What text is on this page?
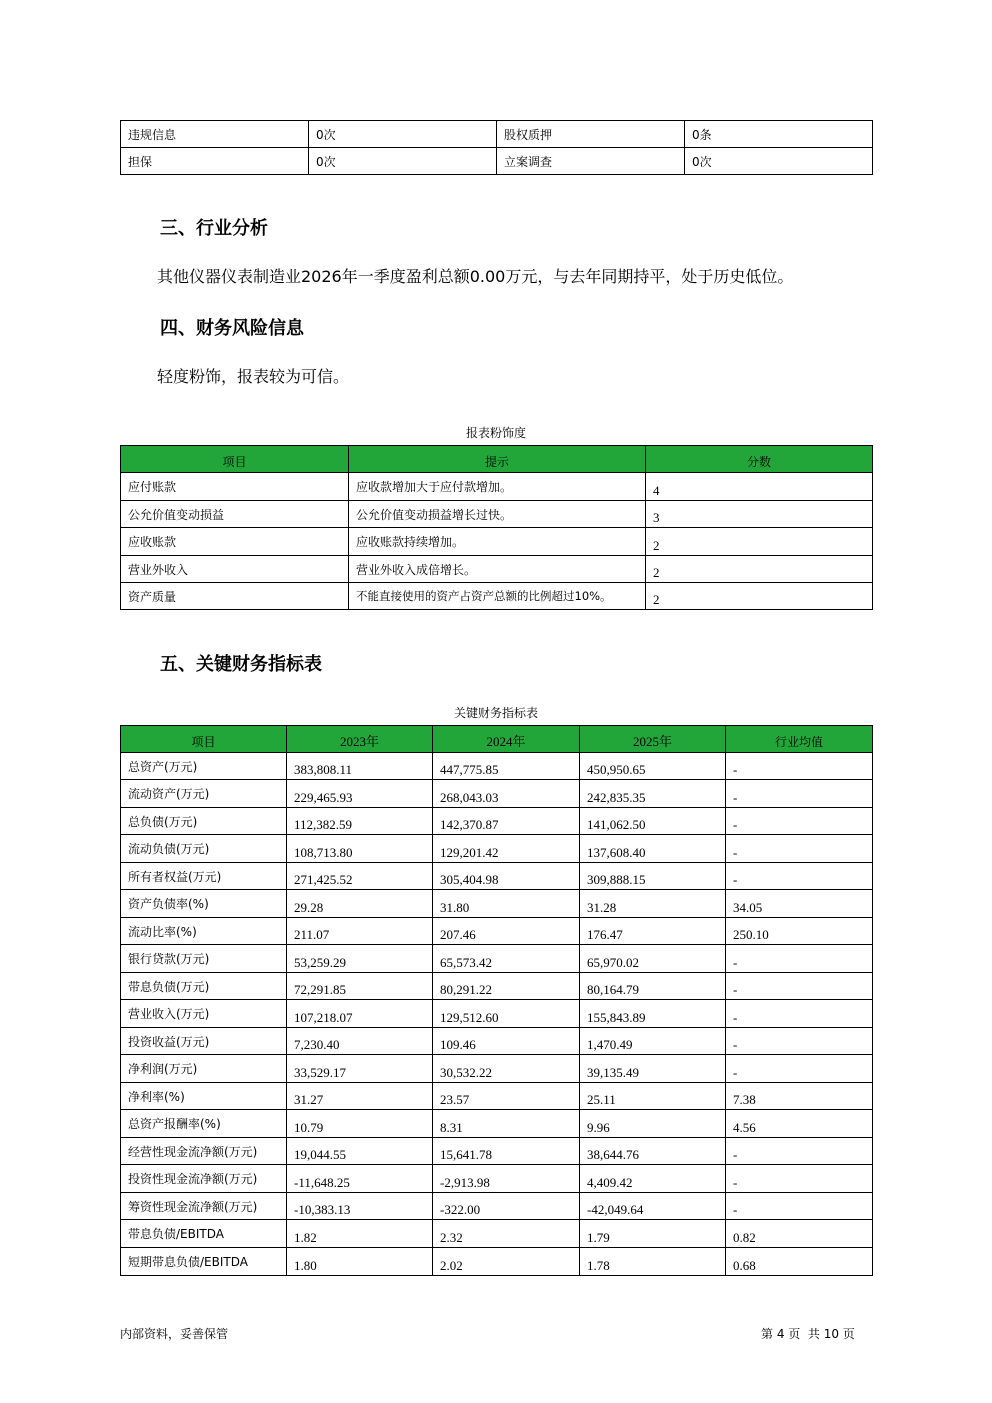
违规信息	0次	股权质押	0条
担保	0次	立案调查	0次
三、行业分析
其他仪器仪表制造业2026年一季度盈利总额0.00万元，与去年同期持平，处于历史低位。
四、财务风险信息
轻度粉饰，报表较为可信。
报表粉饰度
项目	提示	分数
应付账款	应收款增加大于应付款增加。	4
公允价值变动损益	公允价值变动损益增长过快。	3
应收账款	应收账款持续增加。	2
营业外收入	营业外收入成倍增长。	2
资产质量	不能直接使用的资产占资产总额的比例超过10%。	2
五、关键财务指标表
关键财务指标表
项目	2023年	2024年	2025年	行业均值
总资产(万元)	383,808.11	447,775.85	450,950.65	-
流动资产(万元)	229,465.93	268,043.03	242,835.35	-
总负债(万元)	112,382.59	142,370.87	141,062.50	-
流动负债(万元)	108,713.80	129,201.42	137,608.40	-
所有者权益(万元)	271,425.52	305,404.98	309,888.15	-
资产负债率(%)	29.28	31.80	31.28	34.05
流动比率(%)	211.07	207.46	176.47	250.10
银行贷款(万元)	53,259.29	65,573.42	65,970.02	-
带息负债(万元)	72,291.85	80,291.22	80,164.79	-
营业收入(万元)	107,218.07	129,512.60	155,843.89	-
投资收益(万元)	7,230.40	109.46	1,470.49	-
净利润(万元)	33,529.17	30,532.22	39,135.49	-
净利率(%)	31.27	23.57	25.11	7.38
总资产报酬率(%)	10.79	8.31	9.96	4.56
经营性现金流净额(万元)	19,044.55	15,641.78	38,644.76	-
投资性现金流净额(万元)	-11,648.25	-2,913.98	4,409.42	-
筹资性现金流净额(万元)	-10,383.13	-322.00	-42,049.64	-
带息负债/EBITDA	1.82	2.32	1.79	0.82
短期带息负债/EBITDA	1.80	2.02	1.78	0.68
内部资料，妥善保管	第 4 页  共 10 页
